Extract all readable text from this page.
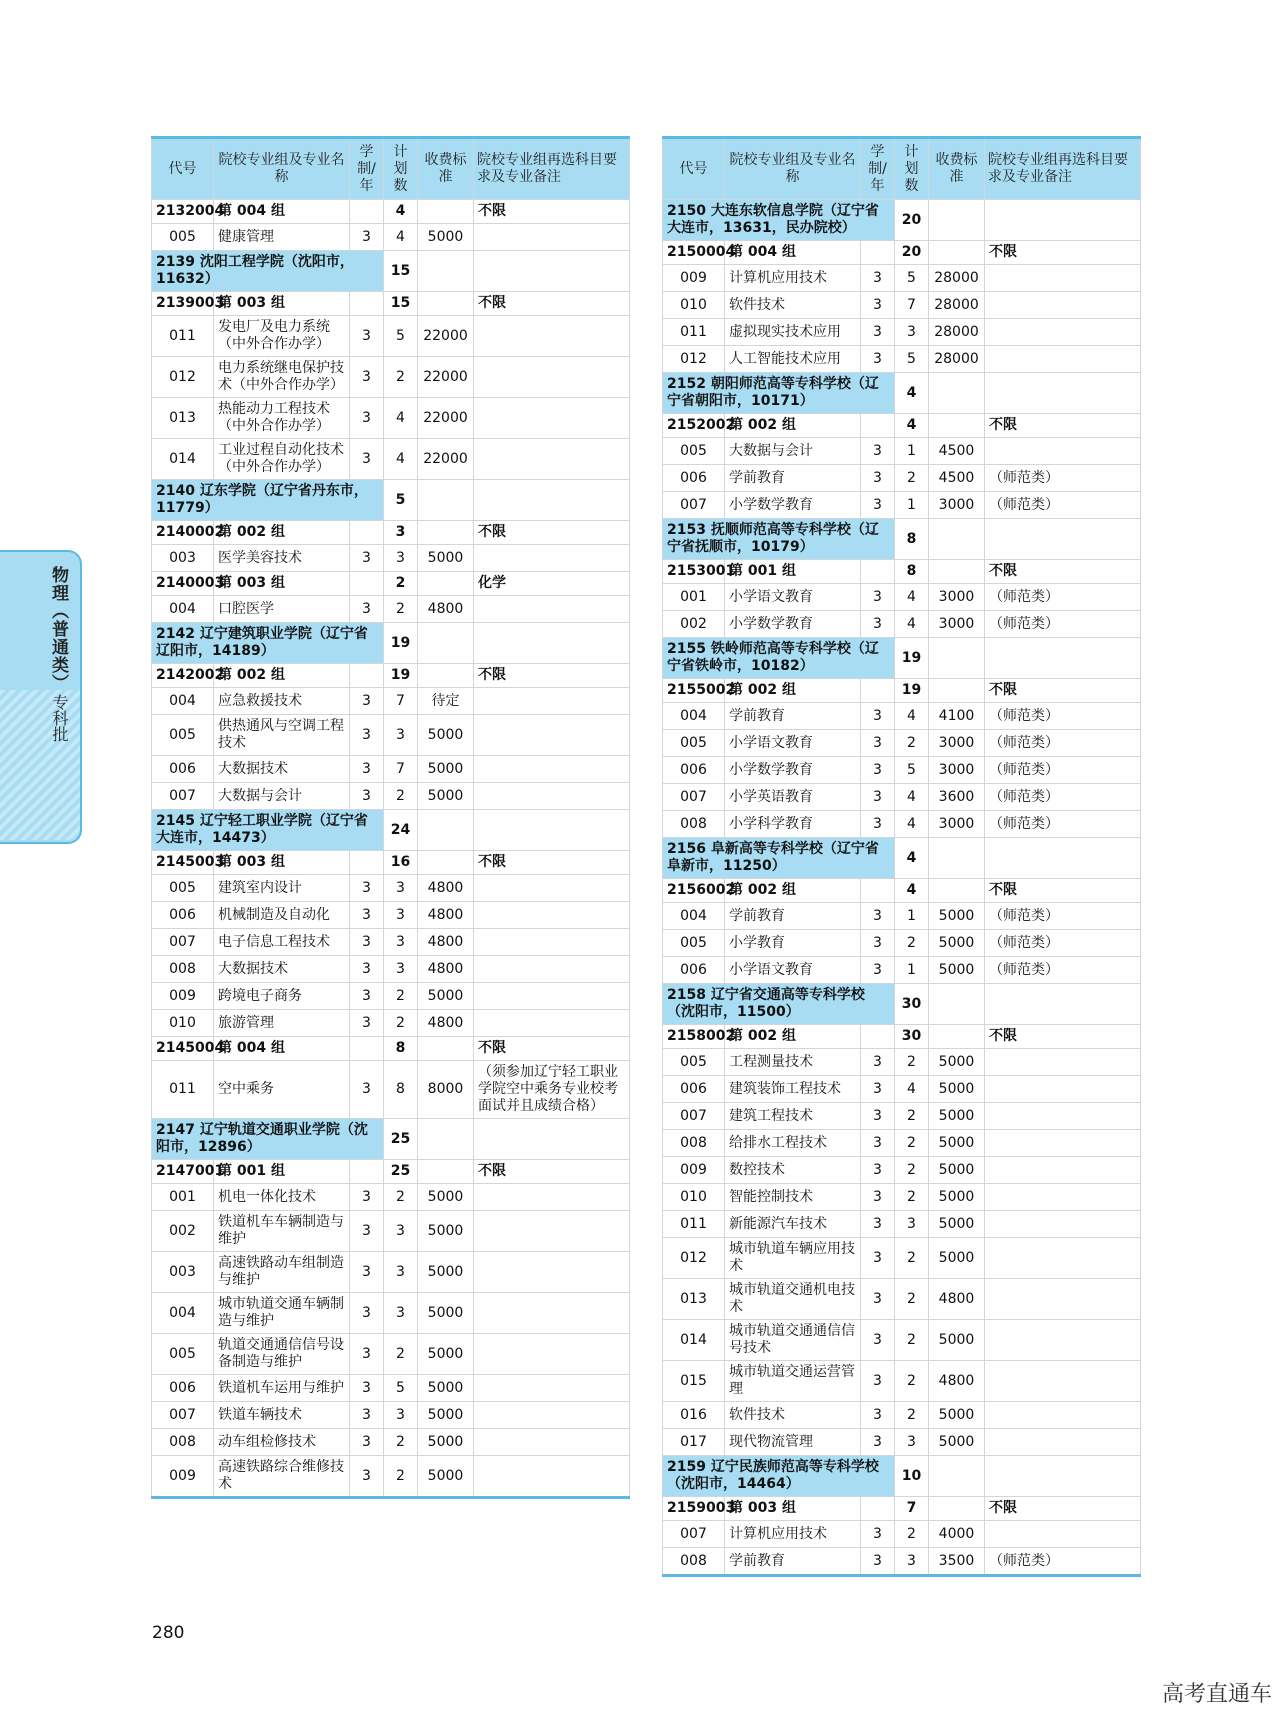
物理（普通类）
专科批
代号	院校专业组及专业名称	学制/年	计划数	收费标准	院校专业组再选科目要求及专业备注
2132004	第 004 组		4		不限
005	健康管理	3	4	5000	
2139 沈阳工程学院（沈阳市，11632）			15		
2139003	第 003 组		15		不限
011	发电厂及电力系统（中外合作办学）	3	5	22000	
012	电力系统继电保护技术（中外合作办学）	3	2	22000	
013	热能动力工程技术（中外合作办学）	3	4	22000	
014	工业过程自动化技术（中外合作办学）	3	4	22000	
2140 辽东学院（辽宁省丹东市，11779）			5		
2140002	第 002 组		3		不限
003	医学美容技术	3	3	5000	
2140003	第 003 组		2		化学
004	口腔医学	3	2	4800	
2142 辽宁建筑职业学院（辽宁省辽阳市，14189）			19		
2142002	第 002 组		19		不限
004	应急救援技术	3	7	待定	
005	供热通风与空调工程技术	3	3	5000	
006	大数据技术	3	7	5000	
007	大数据与会计	3	2	5000	
2145 辽宁轻工职业学院（辽宁省大连市，14473）			24		
2145003	第 003 组		16		不限
005	建筑室内设计	3	3	4800	
006	机械制造及自动化	3	3	4800	
007	电子信息工程技术	3	3	4800	
008	大数据技术	3	3	4800	
009	跨境电子商务	3	2	5000	
010	旅游管理	3	2	4800	
2145004	第 004 组		8		不限
011	空中乘务	3	8	8000	（须参加辽宁轻工职业学院空中乘务专业校考面试并且成绩合格）
2147 辽宁轨道交通职业学院（沈阳市，12896）			25		
2147001	第 001 组		25		不限
001	机电一体化技术	3	2	5000	
002	铁道机车车辆制造与维护	3	3	5000	
003	高速铁路动车组制造与维护	3	3	5000	
004	城市轨道交通车辆制造与维护	3	3	5000	
005	轨道交通通信信号设备制造与维护	3	2	5000	
006	铁道机车运用与维护	3	5	5000	
007	铁道车辆技术	3	3	5000	
008	动车组检修技术	3	2	5000	
009	高速铁路综合维修技术	3	2	5000	
代号	院校专业组及专业名称	学制/年	计划数	收费标准	院校专业组再选科目要求及专业备注
2150 大连东软信息学院（辽宁省大连市，13631，民办院校）			20		
2150004	第 004 组		20		不限
009	计算机应用技术	3	5	28000	
010	软件技术	3	7	28000	
011	虚拟现实技术应用	3	3	28000	
012	人工智能技术应用	3	5	28000	
2152 朝阳师范高等专科学校（辽宁省朝阳市，10171）			4		
2152002	第 002 组		4		不限
005	大数据与会计	3	1	4500	
006	学前教育	3	2	4500	（师范类）
007	小学数学教育	3	1	3000	（师范类）
2153 抚顺师范高等专科学校（辽宁省抚顺市，10179）			8		
2153001	第 001 组		8		不限
001	小学语文教育	3	4	3000	（师范类）
002	小学数学教育	3	4	3000	（师范类）
2155 铁岭师范高等专科学校（辽宁省铁岭市，10182）			19		
2155002	第 002 组		19		不限
004	学前教育	3	4	4100	（师范类）
005	小学语文教育	3	2	3000	（师范类）
006	小学数学教育	3	5	3000	（师范类）
007	小学英语教育	3	4	3600	（师范类）
008	小学科学教育	3	4	3000	（师范类）
2156 阜新高等专科学校（辽宁省阜新市，11250）			4		
2156002	第 002 组		4		不限
004	学前教育	3	1	5000	（师范类）
005	小学教育	3	2	5000	（师范类）
006	小学语文教育	3	1	5000	（师范类）
2158 辽宁省交通高等专科学校（沈阳市，11500）			30		
2158002	第 002 组		30		不限
005	工程测量技术	3	2	5000	
006	建筑装饰工程技术	3	4	5000	
007	建筑工程技术	3	2	5000	
008	给排水工程技术	3	2	5000	
009	数控技术	3	2	5000	
010	智能控制技术	3	2	5000	
011	新能源汽车技术	3	3	5000	
012	城市轨道车辆应用技术	3	2	5000	
013	城市轨道交通机电技术	3	2	4800	
014	城市轨道交通通信信号技术	3	2	5000	
015	城市轨道交通运营管理	3	2	4800	
016	软件技术	3	2	5000	
017	现代物流管理	3	3	5000	
2159 辽宁民族师范高等专科学校（沈阳市，14464）			10		
2159003	第 003 组		7		不限
007	计算机应用技术	3	2	4000	
008	学前教育	3	3	3500	（师范类）
280
高考直通车
